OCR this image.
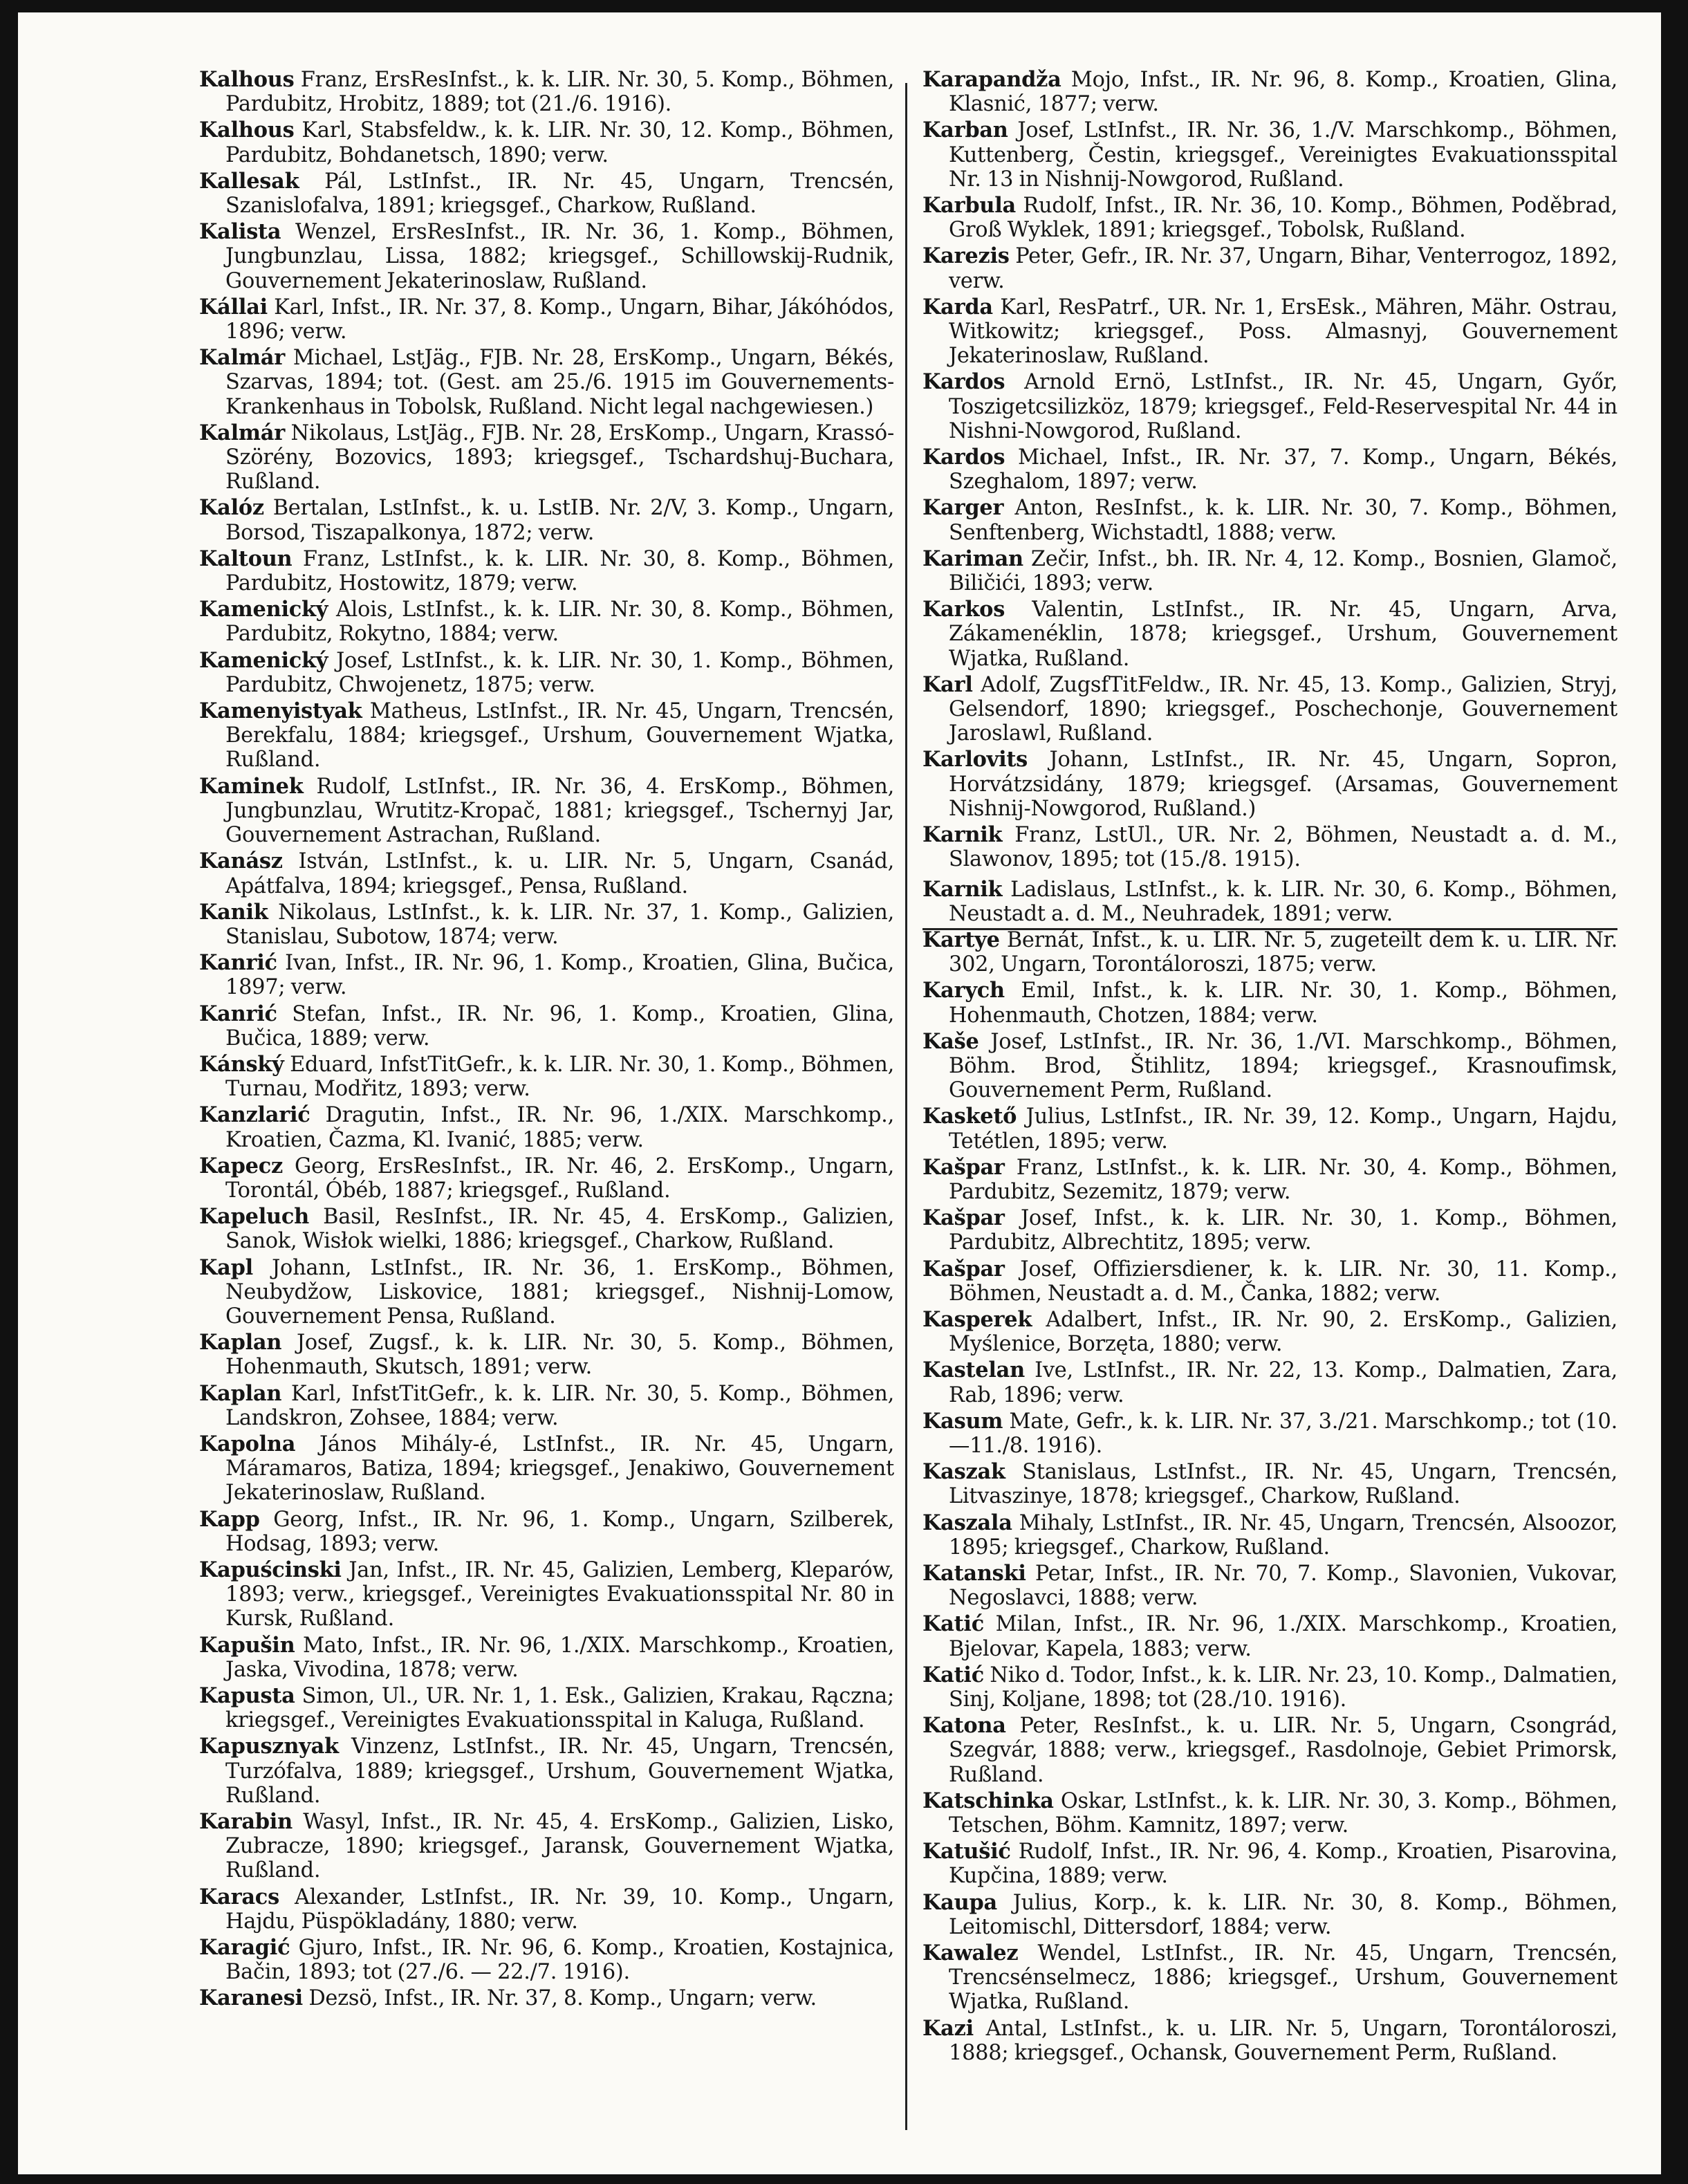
Kalhous Franz, ErsResInfst., k. k. LIR. Nr. 30, 5. Komp., Böhmen, Pardubitz, Hrobitz, 1889; tot (21./6. 1916).
Kalhous Karl, Stabsfeldw., k. k. LIR. Nr. 30, 12. Komp., Böhmen, Pardubitz, Bohdanetsch, 1890; verw.
Kallesak Pál, LstInfst., IR. Nr. 45, Ungarn, Trencsén, Szanislofalva, 1891; kriegsgef., Charkow, Rußland.
Kalista Wenzel, ErsResInfst., IR. Nr. 36, 1. Komp., Böhmen, Jungbunzlau, Lissa, 1882; kriegsgef., Schillowskij-Rudnik, Gouvernement Jekaterinoslaw, Rußland.
Kállai Karl, Infst., IR. Nr. 37, 8. Komp., Ungarn, Bihar, Jákóhódos, 1896; verw.
Kalmár Michael, LstJäg., FJB. Nr. 28, ErsKomp., Ungarn, Békés, Szarvas, 1894; tot. (Gest. am 25./6. 1915 im Gouvernements-Krankenhaus in Tobolsk, Rußland. Nicht legal nachgewiesen.)
Kalmár Nikolaus, LstJäg., FJB. Nr. 28, ErsKomp., Ungarn, Krassó-Szörény, Bozovics, 1893; kriegsgef., Tschardshuj-Buchara, Rußland.
Kalóz Bertalan, LstInfst., k. u. LstIB. Nr. 2/V, 3. Komp., Ungarn, Borsod, Tiszapalkonya, 1872; verw.
Kaltoun Franz, LstInfst., k. k. LIR. Nr. 30, 8. Komp., Böhmen, Pardubitz, Hostowitz, 1879; verw.
Kamenický Alois, LstInfst., k. k. LIR. Nr. 30, 8. Komp., Böhmen, Pardubitz, Rokytno, 1884; verw.
Kamenický Josef, LstInfst., k. k. LIR. Nr. 30, 1. Komp., Böhmen, Pardubitz, Chwojenetz, 1875; verw.
Kamenyistyak Matheus, LstInfst., IR. Nr. 45, Ungarn, Trencsén, Berekfalu, 1884; kriegsgef., Urshum, Gouvernement Wjatka, Rußland.
Kaminek Rudolf, LstInfst., IR. Nr. 36, 4. ErsKomp., Böhmen, Jungbunzlau, Wrutitz-Kropač, 1881; kriegsgef., Tschernyj Jar, Gouvernement Astrachan, Rußland.
Kanász István, LstInfst., k. u. LIR. Nr. 5, Ungarn, Csanád, Apátfalva, 1894; kriegsgef., Pensa, Rußland.
Kanik Nikolaus, LstInfst., k. k. LIR. Nr. 37, 1. Komp., Galizien, Stanislau, Subotow, 1874; verw.
Kanrić Ivan, Infst., IR. Nr. 96, 1. Komp., Kroatien, Glina, Bučica, 1897; verw.
Kanrić Stefan, Infst., IR. Nr. 96, 1. Komp., Kroatien, Glina, Bučica, 1889; verw.
Kánský Eduard, InfstTitGefr., k. k. LIR. Nr. 30, 1. Komp., Böhmen, Turnau, Modřitz, 1893; verw.
Kanzlarić Dragutin, Infst., IR. Nr. 96, 1./XIX. Marschkomp., Kroatien, Čazma, Kl. Ivanić, 1885; verw.
Kapecz Georg, ErsResInfst., IR. Nr. 46, 2. ErsKomp., Ungarn, Torontál, Óbéb, 1887; kriegsgef., Rußland.
Kapeluch Basil, ResInfst., IR. Nr. 45, 4. ErsKomp., Galizien, Sanok, Wisłok wielki, 1886; kriegsgef., Charkow, Rußland.
Kapl Johann, LstInfst., IR. Nr. 36, 1. ErsKomp., Böhmen, Neubydžow, Liskovice, 1881; kriegsgef., Nishnij-Lomow, Gouvernement Pensa, Rußland.
Kaplan Josef, Zugsf., k. k. LIR. Nr. 30, 5. Komp., Böhmen, Hohenmauth, Skutsch, 1891; verw.
Kaplan Karl, InfstTitGefr., k. k. LIR. Nr. 30, 5. Komp., Böhmen, Landskron, Zohsee, 1884; verw.
Kapolna János Mihály-é, LstInfst., IR. Nr. 45, Ungarn, Máramaros, Batiza, 1894; kriegsgef., Jenakiwo, Gouvernement Jekaterinoslaw, Rußland.
Kapp Georg, Infst., IR. Nr. 96, 1. Komp., Ungarn, Szilberek, Hodsag, 1893; verw.
Kapuścinski Jan, Infst., IR. Nr. 45, Galizien, Lemberg, Kleparów, 1893; verw., kriegsgef., Vereinigtes Evakuationsspital Nr. 80 in Kursk, Rußland.
Kapušin Mato, Infst., IR. Nr. 96, 1./XIX. Marschkomp., Kroatien, Jaska, Vivodina, 1878; verw.
Kapusta Simon, Ul., UR. Nr. 1, 1. Esk., Galizien, Krakau, Rączna; kriegsgef., Vereinigtes Evakuationsspital in Kaluga, Rußland.
Kapusznyak Vinzenz, LstInfst., IR. Nr. 45, Ungarn, Trencsén, Turzófalva, 1889; kriegsgef., Urshum, Gouvernement Wjatka, Rußland.
Karabin Wasyl, Infst., IR. Nr. 45, 4. ErsKomp., Galizien, Lisko, Zubracze, 1890; kriegsgef., Jaransk, Gouvernement Wjatka, Rußland.
Karacs Alexander, LstInfst., IR. Nr. 39, 10. Komp., Ungarn, Hajdu, Püspökladány, 1880; verw.
Karagić Gjuro, Infst., IR. Nr. 96, 6. Komp., Kroatien, Kostajnica, Bačin, 1893; tot (27./6. — 22./7. 1916).
Karanesi Dezsö, Infst., IR. Nr. 37, 8. Komp., Ungarn; verw.
Karapandža Mojo, Infst., IR. Nr. 96, 8. Komp., Kroatien, Glina, Klasnić, 1877; verw.
Karban Josef, LstInfst., IR. Nr. 36, 1./V. Marschkomp., Böhmen, Kuttenberg, Čestin, kriegsgef., Vereinigtes Evakuationsspital Nr. 13 in Nishnij-Nowgorod, Rußland.
Karbula Rudolf, Infst., IR. Nr. 36, 10. Komp., Böhmen, Poděbrad, Groß Wyklek, 1891; kriegsgef., Tobolsk, Rußland.
Karezis Peter, Gefr., IR. Nr. 37, Ungarn, Bihar, Venterrogoz, 1892, verw.
Karda Karl, ResPatrf., UR. Nr. 1, ErsEsk., Mähren, Mähr. Ostrau, Witkowitz; kriegsgef., Poss. Almasnyj, Gouvernement Jekaterinoslaw, Rußland.
Kardos Arnold Ernö, LstInfst., IR. Nr. 45, Ungarn, Győr, Toszigetcsilizköz, 1879; kriegsgef., Feld-Reservespital Nr. 44 in Nishni-Nowgorod, Rußland.
Kardos Michael, Infst., IR. Nr. 37, 7. Komp., Ungarn, Békés, Szeghalom, 1897; verw.
Karger Anton, ResInfst., k. k. LIR. Nr. 30, 7. Komp., Böhmen, Senftenberg, Wichstadtl, 1888; verw.
Kariman Zečir, Infst., bh. IR. Nr. 4, 12. Komp., Bosnien, Glamoč, Biličići, 1893; verw.
Karkos Valentin, LstInfst., IR. Nr. 45, Ungarn, Arva, Zákamenéklin, 1878; kriegsgef., Urshum, Gouvernement Wjatka, Rußland.
Karl Adolf, ZugsfTitFeldw., IR. Nr. 45, 13. Komp., Galizien, Stryj, Gelsendorf, 1890; kriegsgef., Poschechonje, Gouvernement Jaroslawl, Rußland.
Karlovits Johann, LstInfst., IR. Nr. 45, Ungarn, Sopron, Horvátzsidány, 1879; kriegsgef. (Arsamas, Gouvernement Nishnij-Nowgorod, Rußland.)
Karnik Franz, LstUl., UR. Nr. 2, Böhmen, Neustadt a. d. M., Slawonov, 1895; tot (15./8. 1915).
Karnik Ladislaus, LstInfst., k. k. LIR. Nr. 30, 6. Komp., Böhmen, Neustadt a. d. M., Neuhradek, 1891; verw.
Kartye Bernát, Infst., k. u. LIR. Nr. 5, zugeteilt dem k. u. LIR. Nr. 302, Ungarn, Torontáloroszi, 1875; verw.
Karych Emil, Infst., k. k. LIR. Nr. 30, 1. Komp., Böhmen, Hohenmauth, Chotzen, 1884; verw.
Kaše Josef, LstInfst., IR. Nr. 36, 1./VI. Marschkomp., Böhmen, Böhm. Brod, Štihlitz, 1894; kriegsgef., Krasnoufimsk, Gouvernement Perm, Rußland.
Kaskető Julius, LstInfst., IR. Nr. 39, 12. Komp., Ungarn, Hajdu, Tetétlen, 1895; verw.
Kašpar Franz, LstInfst., k. k. LIR. Nr. 30, 4. Komp., Böhmen, Pardubitz, Sezemitz, 1879; verw.
Kašpar Josef, Infst., k. k. LIR. Nr. 30, 1. Komp., Böhmen, Pardubitz, Albrechtitz, 1895; verw.
Kašpar Josef, Offiziersdiener, k. k. LIR. Nr. 30, 11. Komp., Böhmen, Neustadt a. d. M., Čanka, 1882; verw.
Kasperek Adalbert, Infst., IR. Nr. 90, 2. ErsKomp., Galizien, Myślenice, Borzęta, 1880; verw.
Kastelan Ive, LstInfst., IR. Nr. 22, 13. Komp., Dalmatien, Zara, Rab, 1896; verw.
Kasum Mate, Gefr., k. k. LIR. Nr. 37, 3./21. Marschkomp.; tot (10.—11./8. 1916).
Kaszak Stanislaus, LstInfst., IR. Nr. 45, Ungarn, Trencsén, Litvaszinye, 1878; kriegsgef., Charkow, Rußland.
Kaszala Mihaly, LstInfst., IR. Nr. 45, Ungarn, Trencsén, Alsoozor, 1895; kriegsgef., Charkow, Rußland.
Katanski Petar, Infst., IR. Nr. 70, 7. Komp., Slavonien, Vukovar, Negoslavci, 1888; verw.
Katić Milan, Infst., IR. Nr. 96, 1./XIX. Marschkomp., Kroatien, Bjelovar, Kapela, 1883; verw.
Katić Niko d. Todor, Infst., k. k. LIR. Nr. 23, 10. Komp., Dalmatien, Sinj, Koljane, 1898; tot (28./10. 1916).
Katona Peter, ResInfst., k. u. LIR. Nr. 5, Ungarn, Csongrád, Szegvár, 1888; verw., kriegsgef., Rasdolnoje, Gebiet Primorsk, Rußland.
Katschinka Oskar, LstInfst., k. k. LIR. Nr. 30, 3. Komp., Böhmen, Tetschen, Böhm. Kamnitz, 1897; verw.
Katušić Rudolf, Infst., IR. Nr. 96, 4. Komp., Kroatien, Pisarovina, Kupčina, 1889; verw.
Kaupa Julius, Korp., k. k. LIR. Nr. 30, 8. Komp., Böhmen, Leitomischl, Dittersdorf, 1884; verw.
Kawalez Wendel, LstInfst., IR. Nr. 45, Ungarn, Trencsén, Trencsénselmecz, 1886; kriegsgef., Urshum, Gouvernement Wjatka, Rußland.
Kazi Antal, LstInfst., k. u. LIR. Nr. 5, Ungarn, Torontáloroszi, 1888; kriegsgef., Ochansk, Gouvernement Perm, Rußland.
